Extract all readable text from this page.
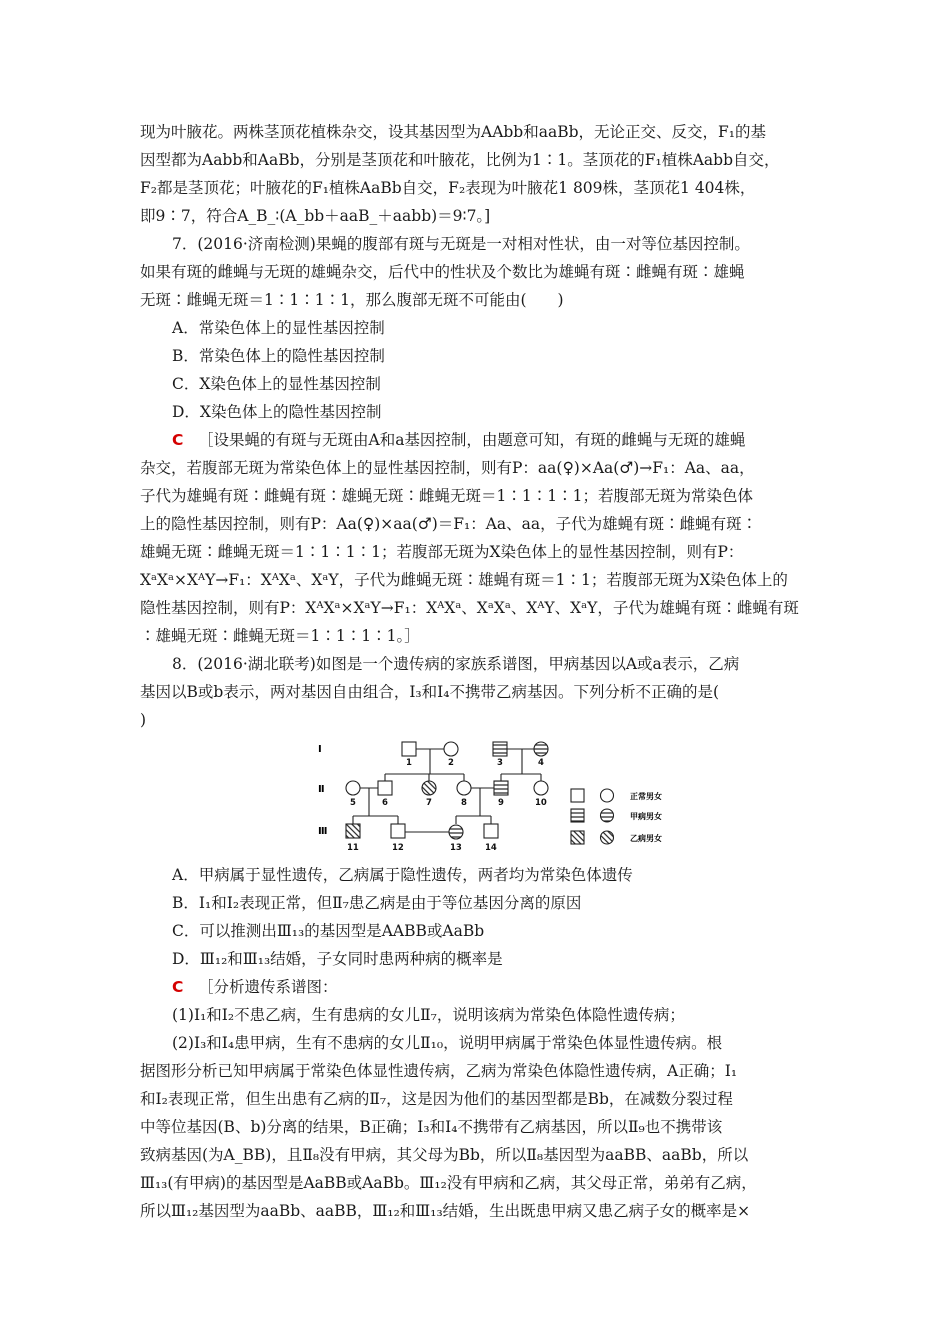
现为叶腋花。两株茎顶花植株杂交，设其基因型为AAbb和aaBb，无论正交、反交，F₁的基
因型都为Aabb和AaBb，分别是茎顶花和叶腋花，比例为1∶1。茎顶花的F₁植株Aabb自交，
F₂都是茎顶花；叶腋花的F₁植株AaBb自交，F₂表现为叶腋花1 809株，茎顶花1 404株，
即9∶7，符合A_B_∶(A_bb＋aaB_＋aabb)＝9∶7。]
7．(2016·济南检测)果蝇的腹部有斑与无斑是一对相对性状，由一对等位基因控制。
如果有斑的雌蝇与无斑的雄蝇杂交，后代中的性状及个数比为雄蝇有斑∶雌蝇有斑∶雄蝇
无斑∶雌蝇无斑＝1∶1∶1∶1，那么腹部无斑不可能由(　　)
A．常染色体上的显性基因控制
B．常染色体上的隐性基因控制
C．X染色体上的显性基因控制
D．X染色体上的隐性基因控制
C ［设果蝇的有斑与无斑由A和a基因控制，由题意可知，有斑的雌蝇与无斑的雄蝇
杂交，若腹部无斑为常染色体上的显性基因控制，则有P：aa(♀)×Aa(♂)→F₁：Aa、aa，
子代为雄蝇有斑∶雌蝇有斑∶雄蝇无斑∶雌蝇无斑＝1∶1∶1∶1；若腹部无斑为常染色体
上的隐性基因控制，则有P：Aa(♀)×aa(♂)＝F₁：Aa、aa，子代为雄蝇有斑∶雌蝇有斑∶
雄蝇无斑∶雌蝇无斑＝1∶1∶1∶1；若腹部无斑为X染色体上的显性基因控制，则有P：
XᵃXᵃ×XᴬY→F₁：XᴬXᵃ、XᵃY，子代为雌蝇无斑∶雄蝇有斑＝1∶1；若腹部无斑为X染色体上的
隐性基因控制，则有P：XᴬXᵃ×XᵃY→F₁：XᴬXᵃ、XᵃXᵃ、XᴬY、XᵃY，子代为雄蝇有斑∶雌蝇有斑
∶雄蝇无斑∶雌蝇无斑＝1∶1∶1∶1。］
8．(2016·湖北联考)如图是一个遗传病的家族系谱图，甲病基因以A或a表示，乙病
基因以B或b表示，两对基因自由组合，Ⅰ₃和Ⅰ₄不携带乙病基因。下列分析不正确的是(
)
Ⅰ
Ⅱ
Ⅲ
1	2	3	4
5	6	7	8	9	10
11	12	13	14
正常男女
甲病男女
乙病男女
A．甲病属于显性遗传，乙病属于隐性遗传，两者均为常染色体遗传
B．Ⅰ₁和Ⅰ₂表现正常，但Ⅱ₇患乙病是由于等位基因分离的原因
C．可以推测出Ⅲ₁₃的基因型是AABB或AaBb
D．Ⅲ₁₂和Ⅲ₁₃结婚，子女同时患两种病的概率是
C ［分析遗传系谱图：
(1)Ⅰ₁和Ⅰ₂不患乙病，生有患病的女儿Ⅱ₇，说明该病为常染色体隐性遗传病；
(2)Ⅰ₃和Ⅰ₄患甲病，生有不患病的女儿Ⅱ₁₀，说明甲病属于常染色体显性遗传病。根
据图形分析已知甲病属于常染色体显性遗传病，乙病为常染色体隐性遗传病，A正确；Ⅰ₁
和Ⅰ₂表现正常，但生出患有乙病的Ⅱ₇，这是因为他们的基因型都是Bb，在减数分裂过程
中等位基因(B、b)分离的结果，B正确；Ⅰ₃和Ⅰ₄不携带有乙病基因，所以Ⅱ₉也不携带该
致病基因(为A_BB)，且Ⅱ₈没有甲病，其父母为Bb，所以Ⅱ₈基因型为aaBB、aaBb，所以
Ⅲ₁₃(有甲病)的基因型是AaBB或AaBb。Ⅲ₁₂没有甲病和乙病，其父母正常，弟弟有乙病，
所以Ⅲ₁₂基因型为aaBb、aaBB，Ⅲ₁₂和Ⅲ₁₃结婚，生出既患甲病又患乙病子女的概率是×
